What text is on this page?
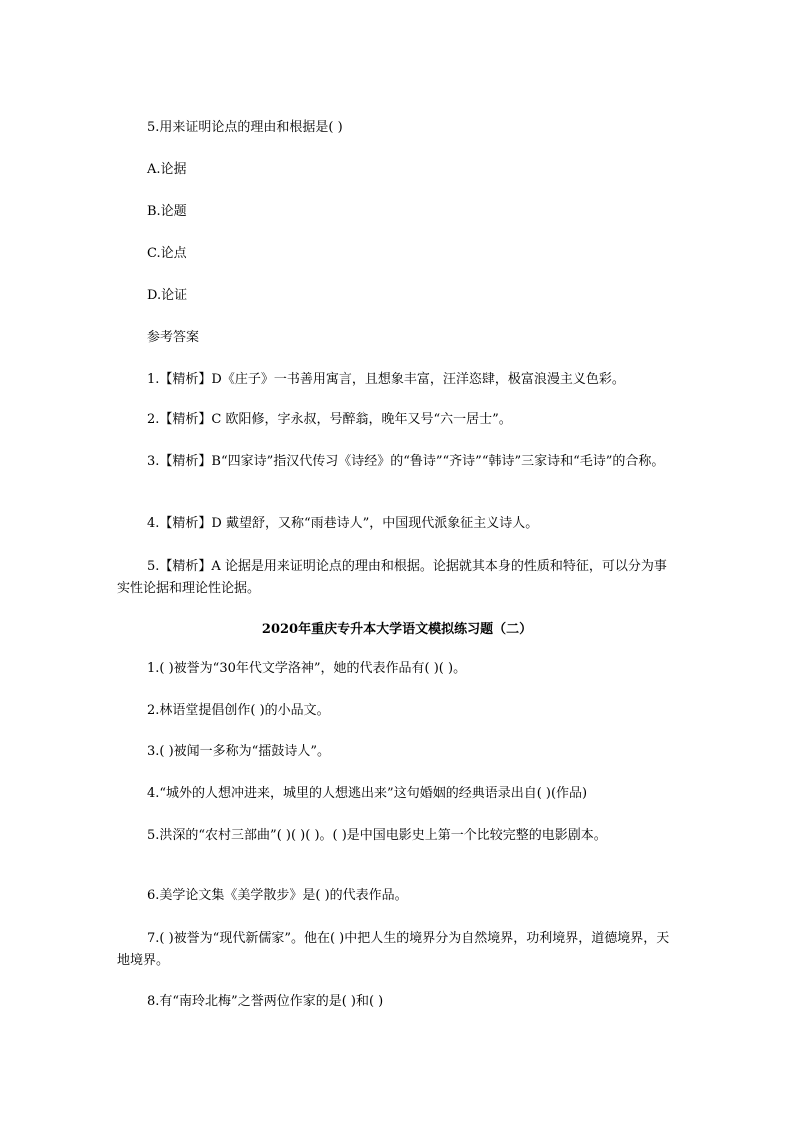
5.用来证明论点的理由和根据是( )

A.论据

B.论题

C.论点

D.论证

参考答案

1.【精析】D《庄子》一书善用寓言，且想象丰富，汪洋恣肆，极富浪漫主义色彩。

2.【精析】C 欧阳修，字永叔，号醉翁，晚年又号“六一居士”。

3.【精析】B“四家诗”指汉代传习《诗经》的“鲁诗”“齐诗”“韩诗”三家诗和“毛诗”的合称。

4.【精析】D 戴望舒，又称“雨巷诗人”，中国现代派象征主义诗人。

5.【精析】A 论据是用来证明论点的理由和根据。论据就其本身的性质和特征，可以分为事实性论据和理论性论据。

2020年重庆专升本大学语文模拟练习题（二）

1.( )被誉为“30年代文学洛神”，她的代表作品有( )( )。

2.林语堂提倡创作( )的小品文。

3.( )被闻一多称为“擂鼓诗人”。

4.“城外的人想冲进来，城里的人想逃出来”这句婚姻的经典语录出自( )(作品)

5.洪深的“农村三部曲”( )( )( )。( )是中国电影史上第一个比较完整的电影剧本。

6.美学论文集《美学散步》是( )的代表作品。

7.( )被誉为“现代新儒家”。他在( )中把人生的境界分为自然境界，功利境界，道德境界，天地境界。

8.有“南玲北梅”之誉两位作家的是( )和( )
